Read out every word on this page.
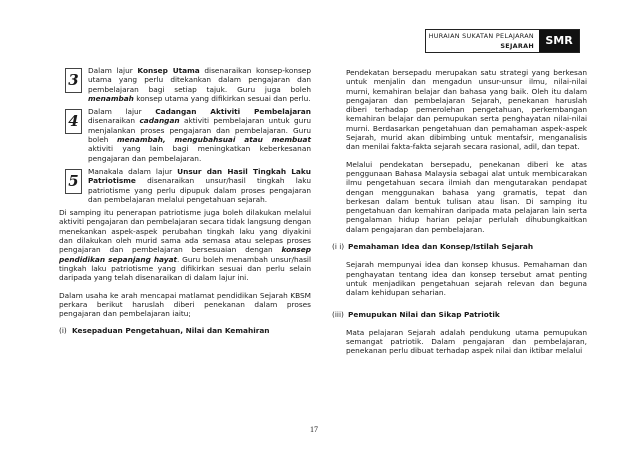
HURAIAN SUKATAN PELAJARAN
SEJARAH	SMR
3
Dalam lajur Konsep Utama disenaraikan konsep-konsep utama yang perlu ditekankan dalam pengajaran dan pembelajaran bagi setiap tajuk. Guru juga boleh menambah konsep utama yang difikirkan sesuai dan perlu.
4
Dalam lajur Cadangan Aktiviti Pembelajaran disenaraikan cadangan aktiviti pembelajaran untuk guru menjalankan proses pengajaran dan pembelajaran. Guru boleh menambah, mengubahsuai atau membuat aktiviti yang lain bagi meningkatkan keberkesanan pengajaran dan pembelajaran.
5
Manakala dalam lajur Unsur dan Hasil Tingkah Laku Patriotisme disenaraikan unsur/hasil tingkah laku patriotisme yang perlu dipupuk dalam proses pengajaran dan pembelajaran melalui pengetahuan sejarah.

Di samping itu penerapan patriotisme juga boleh dilakukan melalui aktiviti pengajaran dan pembelajaran secara tidak langsung dengan menekankan aspek-aspek perubahan tingkah laku yang diyakini dan dilakukan oleh murid sama ada semasa atau selepas proses pengajaran dan pembelajaran bersesuaian dengan konsep pendidikan sepanjang hayat. Guru boleh menambah unsur/hasil tingkah laku patriotisme yang difikirkan sesuai dan perlu selain daripada yang telah disenaraikan di dalam lajur ini.

Dalam usaha ke arah mencapai matlamat pendidikan Sejarah KBSM perkara berikut haruslah diberi penekanan dalam proses pengajaran dan pembelajaran iaitu;

(i) Kesepaduan Pengetahuan, Nilai dan Kemahiran

Pendekatan bersepadu merupakan satu strategi yang berkesan untuk menjalin dan mengadun unsur-unsur ilmu, nilai-nilai murni, kemahiran belajar dan bahasa yang baik. Oleh itu dalam pengajaran dan pembelajaran Sejarah, penekanan haruslah diberi terhadap pemerolehan pengetahuan, perkembangan kemahiran belajar dan pemupukan serta penghayatan nilai-nilai murni. Berdasarkan pengetahuan dan pemahaman aspek-aspek Sejarah, murid akan dibimbing untuk mentafsir, menganalisis dan menilai fakta-fakta sejarah secara rasional, adil, dan tepat.

Melalui pendekatan bersepadu, penekanan diberi ke atas penggunaan Bahasa Malaysia sebagai alat untuk membicarakan ilmu pengetahuan secara ilmiah dan mengutarakan pendapat dengan menggunakan bahasa yang gramatis, tepat dan berkesan dalam bentuk tulisan atau lisan. Di samping itu pengetahuan dan kemahiran daripada mata pelajaran lain serta pengalaman hidup harian pelajar perlulah dihubungkaitkan dalam pengajaran dan pembelajaran.

(i i) Pemahaman Idea dan Konsep/Istilah Sejarah

Sejarah mempunyai idea dan konsep khusus. Pemahaman dan penghayatan tentang idea dan konsep tersebut amat penting untuk menjadikan pengetahuan sejarah relevan dan beguna dalam kehidupan seharian.

(iii) Pemupukan Nilai dan Sikap Patriotik

Mata pelajaran Sejarah adalah pendukung utama pemupukan semangat patriotik. Dalam pengajaran dan pembelajaran, penekanan perlu dibuat terhadap aspek nilai dan iktibar melalui

17
